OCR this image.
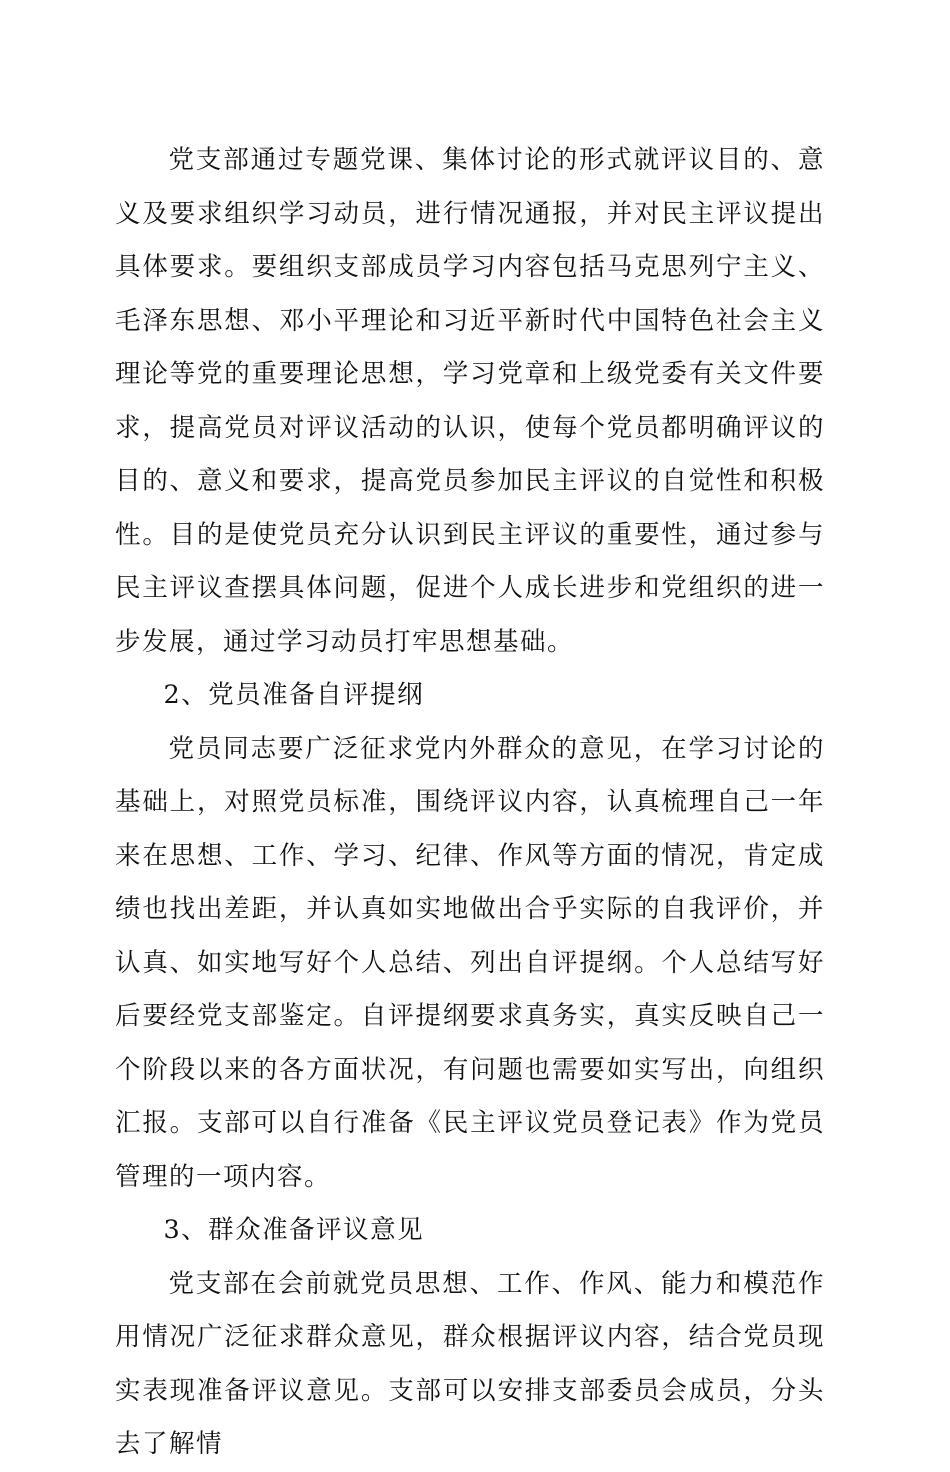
党支部通过专题党课、集体讨论的形式就评议目的、意义及要求组织学习动员，进行情况通报，并对民主评议提出具体要求。要组织支部成员学习内容包括马克思列宁主义、毛泽东思想、邓小平理论和习近平新时代中国特色社会主义理论等党的重要理论思想，学习党章和上级党委有关文件要求，提高党员对评议活动的认识，使每个党员都明确评议的目的、意义和要求，提高党员参加民主评议的自觉性和积极性。目的是使党员充分认识到民主评议的重要性，通过参与民主评议查摆具体问题，促进个人成长进步和党组织的进一步发展，通过学习动员打牢思想基础。

2、党员准备自评提纲

党员同志要广泛征求党内外群众的意见，在学习讨论的基础上，对照党员标准，围绕评议内容，认真梳理自己一年来在思想、工作、学习、纪律、作风等方面的情况，肯定成绩也找出差距，并认真如实地做出合乎实际的自我评价，并认真、如实地写好个人总结、列出自评提纲。个人总结写好后要经党支部鉴定。自评提纲要求真务实，真实反映自己一个阶段以来的各方面状况，有问题也需要如实写出，向组织汇报。支部可以自行准备《民主评议党员登记表》作为党员管理的一项内容。

3、群众准备评议意见

党支部在会前就党员思想、工作、作风、能力和模范作用情况广泛征求群众意见，群众根据评议内容，结合党员现实表现准备评议意见。支部可以安排支部委员会成员，分头去了解情
